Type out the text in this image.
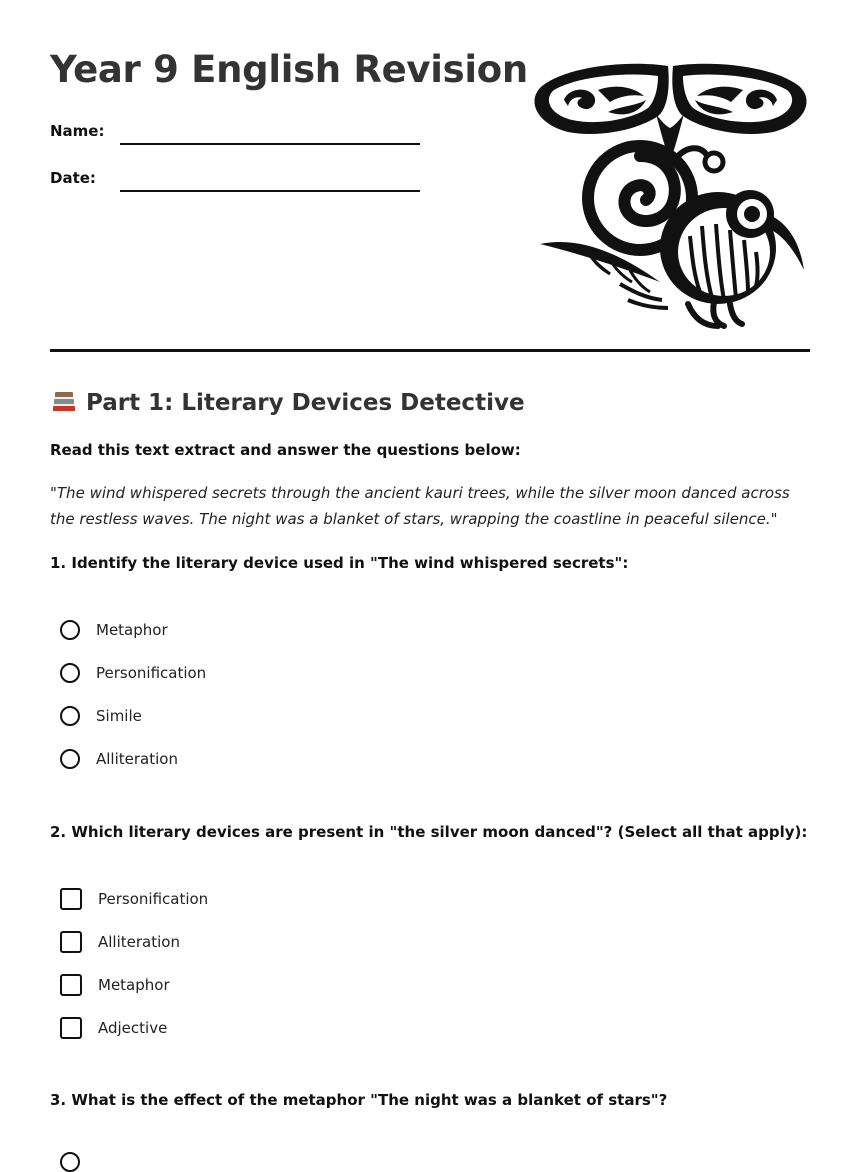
Year 9 English Revision
Name:
Date:
Part 1: Literary Devices Detective
Read this text extract and answer the questions below:
"The wind whispered secrets through the ancient kauri trees, while the silver moon danced across the restless waves. The night was a blanket of stars, wrapping the coastline in peaceful silence."
1. Identify the literary device used in "The wind whispered secrets":
Metaphor
Personification
Simile
Alliteration
2. Which literary devices are present in "the silver moon danced"? (Select all that apply):
Personification
Alliteration
Metaphor
Adjective
3. What is the effect of the metaphor "The night was a blanket of stars"?
